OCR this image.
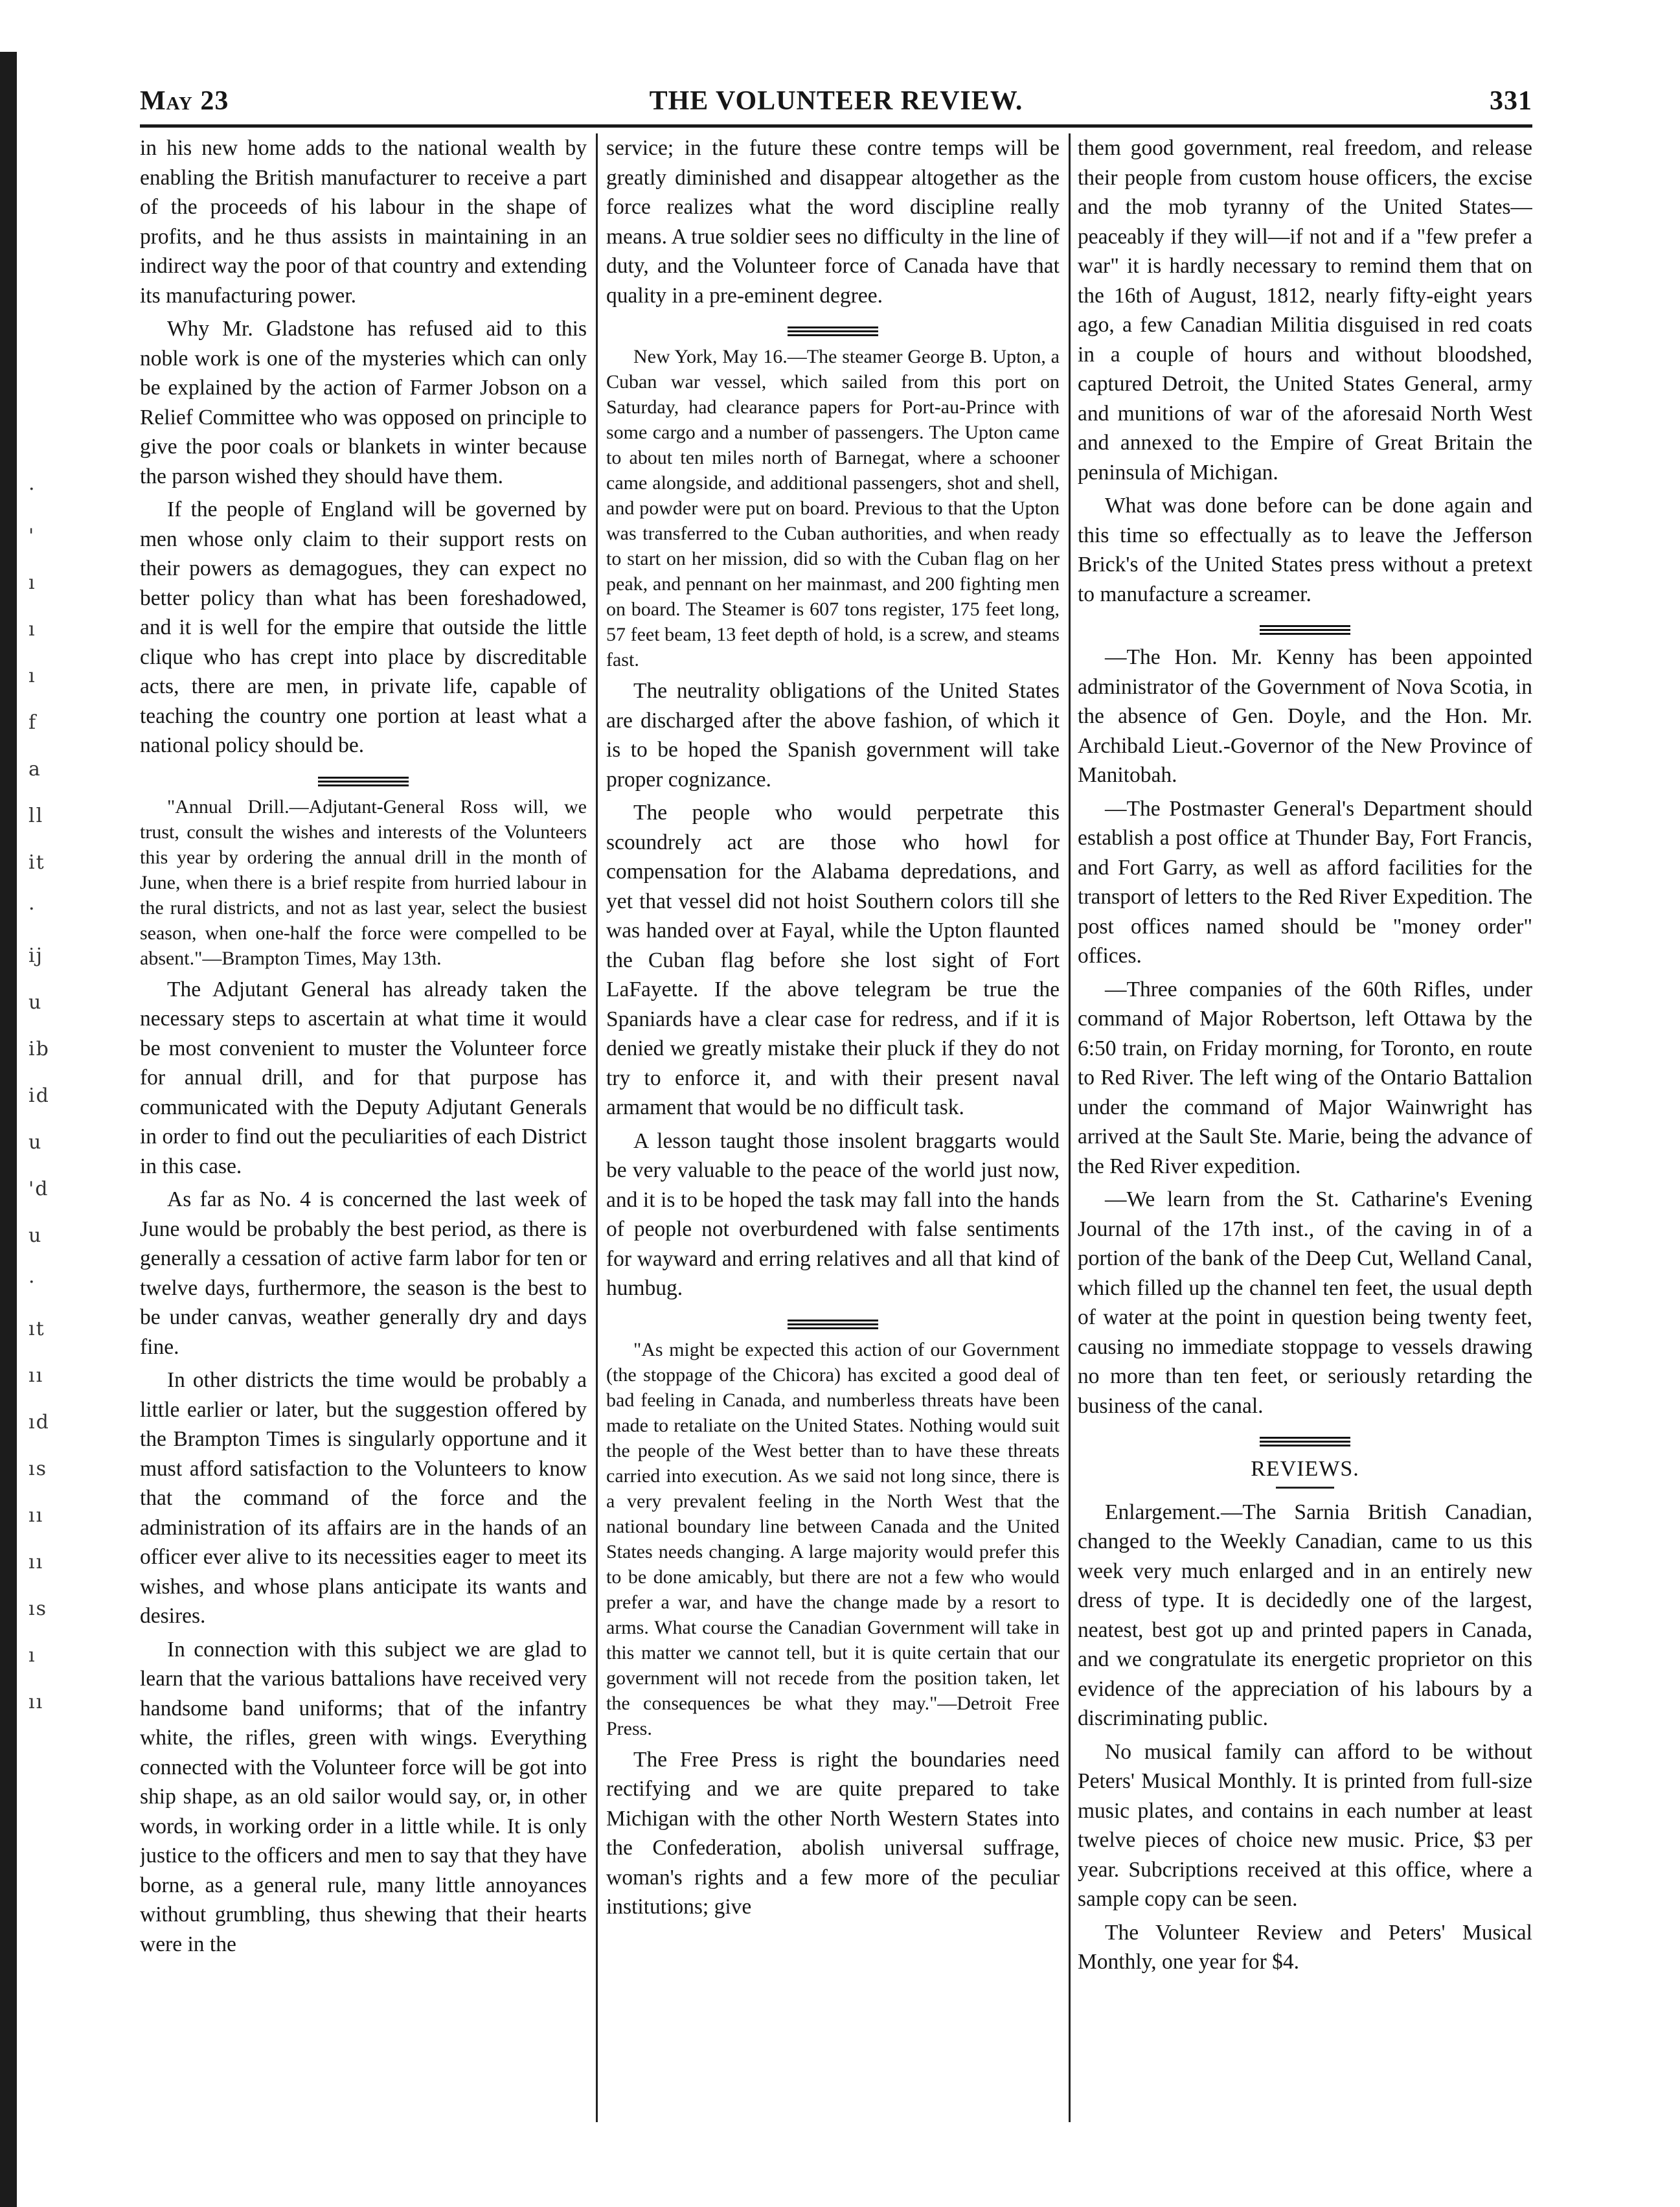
·
'
ı
ı
ı
f
a
ll
it
·
ij
u
ib
id
u
'd
u
·
ıt
ıı
ıd
ıs
ıı
ıı
ıs
ı
ıı
May 23	THE VOLUNTEER REVIEW.	331

in his new home adds to the national wealth by enabling the British manufacturer to receive a part of the proceeds of his labour in the shape of profits, and he thus assists in maintaining in an indirect way the poor of that country and extending its manufacturing power.

Why Mr. Gladstone has refused aid to this noble work is one of the mysteries which can only be explained by the action of Farmer Jobson on a Relief Committee who was opposed on principle to give the poor coals or blankets in winter because the parson wished they should have them.

If the people of England will be governed by men whose only claim to their support rests on their powers as demagogues, they can expect no better policy than what has been foreshadowed, and it is well for the empire that outside the little clique who has crept into place by discreditable acts, there are men, in private life, capable of teaching the country one portion at least what a national policy should be.

"Annual Drill.—Adjutant-General Ross will, we trust, consult the wishes and interests of the Volunteers this year by ordering the annual drill in the month of June, when there is a brief respite from hurried labour in the rural districts, and not as last year, select the busiest season, when one-half the force were compelled to be absent."—Brampton Times, May 13th.

The Adjutant General has already taken the necessary steps to ascertain at what time it would be most convenient to muster the Volunteer force for annual drill, and for that purpose has communicated with the Deputy Adjutant Generals in order to find out the peculiarities of each District in this case.

As far as No. 4 is concerned the last week of June would be probably the best period, as there is generally a cessation of active farm labor for ten or twelve days, furthermore, the season is the best to be under canvas, weather generally dry and days fine.

In other districts the time would be probably a little earlier or later, but the suggestion offered by the Brampton Times is singularly opportune and it must afford satisfaction to the Volunteers to know that the command of the force and the administration of its affairs are in the hands of an officer ever alive to its necessities eager to meet its wishes, and whose plans anticipate its wants and desires.

In connection with this subject we are glad to learn that the various battalions have received very handsome band uniforms; that of the infantry white, the rifles, green with wings. Everything connected with the Volunteer force will be got into ship shape, as an old sailor would say, or, in other words, in working order in a little while. It is only justice to the officers and men to say that they have borne, as a general rule, many little annoyances without grumbling, thus shewing that their hearts were in the

service; in the future these contre temps will be greatly diminished and disappear altogether as the force realizes what the word discipline really means. A true soldier sees no difficulty in the line of duty, and the Volunteer force of Canada have that quality in a pre-eminent degree.

New York, May 16.—The steamer George B. Upton, a Cuban war vessel, which sailed from this port on Saturday, had clearance papers for Port-au-Prince with some cargo and a number of passengers. The Upton came to about ten miles north of Barnegat, where a schooner came alongside, and additional passengers, shot and shell, and powder were put on board. Previous to that the Upton was transferred to the Cuban authorities, and when ready to start on her mission, did so with the Cuban flag on her peak, and pennant on her mainmast, and 200 fighting men on board. The Steamer is 607 tons register, 175 feet long, 57 feet beam, 13 feet depth of hold, is a screw, and steams fast.

The neutrality obligations of the United States are discharged after the above fashion, of which it is to be hoped the Spanish government will take proper cognizance.

The people who would perpetrate this scoundrely act are those who howl for compensation for the Alabama depredations, and yet that vessel did not hoist Southern colors till she was handed over at Fayal, while the Upton flaunted the Cuban flag before she lost sight of Fort LaFayette. If the above telegram be true the Spaniards have a clear case for redress, and if it is denied we greatly mistake their pluck if they do not try to enforce it, and with their present naval armament that would be no difficult task.

A lesson taught those insolent braggarts would be very valuable to the peace of the world just now, and it is to be hoped the task may fall into the hands of people not overburdened with false sentiments for wayward and erring relatives and all that kind of humbug.

"As might be expected this action of our Government (the stoppage of the Chicora) has excited a good deal of bad feeling in Canada, and numberless threats have been made to retaliate on the United States. Nothing would suit the people of the West better than to have these threats carried into execution. As we said not long since, there is a very prevalent feeling in the North West that the national boundary line between Canada and the United States needs changing. A large majority would prefer this to be done amicably, but there are not a few who would prefer a war, and have the change made by a resort to arms. What course the Canadian Government will take in this matter we cannot tell, but it is quite certain that our government will not recede from the position taken, let the consequences be what they may."—Detroit Free Press.

The Free Press is right the boundaries need rectifying and we are quite prepared to take Michigan with the other North Western States into the Confederation, abolish universal suffrage, woman's rights and a few more of the peculiar institutions; give

them good government, real freedom, and release their people from custom house officers, the excise and the mob tyranny of the United States—peaceably if they will—if not and if a "few prefer a war" it is hardly necessary to remind them that on the 16th of August, 1812, nearly fifty-eight years ago, a few Canadian Militia disguised in red coats in a couple of hours and without bloodshed, captured Detroit, the United States General, army and munitions of war of the aforesaid North West and annexed to the Empire of Great Britain the peninsula of Michigan.

What was done before can be done again and this time so effectually as to leave the Jefferson Brick's of the United States press without a pretext to manufacture a screamer.

—The Hon. Mr. Kenny has been appointed administrator of the Government of Nova Scotia, in the absence of Gen. Doyle, and the Hon. Mr. Archibald Lieut.-Governor of the New Province of Manitobah.

—The Postmaster General's Department should establish a post office at Thunder Bay, Fort Francis, and Fort Garry, as well as afford facilities for the transport of letters to the Red River Expedition. The post offices named should be "money order" offices.

—Three companies of the 60th Rifles, under command of Major Robertson, left Ottawa by the 6:50 train, on Friday morning, for Toronto, en route to Red River. The left wing of the Ontario Battalion under the command of Major Wainwright has arrived at the Sault Ste. Marie, being the advance of the Red River expedition.

—We learn from the St. Catharine's Evening Journal of the 17th inst., of the caving in of a portion of the bank of the Deep Cut, Welland Canal, which filled up the channel ten feet, the usual depth of water at the point in question being twenty feet, causing no immediate stoppage to vessels drawing no more than ten feet, or seriously retarding the business of the canal.

REVIEWS.

Enlargement.—The Sarnia British Canadian, changed to the Weekly Canadian, came to us this week very much enlarged and in an entirely new dress of type. It is decidedly one of the largest, neatest, best got up and printed papers in Canada, and we congratulate its energetic proprietor on this evidence of the appreciation of his labours by a discriminating public.

No musical family can afford to be without Peters' Musical Monthly. It is printed from full-size music plates, and contains in each number at least twelve pieces of choice new music. Price, $3 per year. Subcriptions received at this office, where a sample copy can be seen.

The Volunteer Review and Peters' Musical Monthly, one year for $4.
